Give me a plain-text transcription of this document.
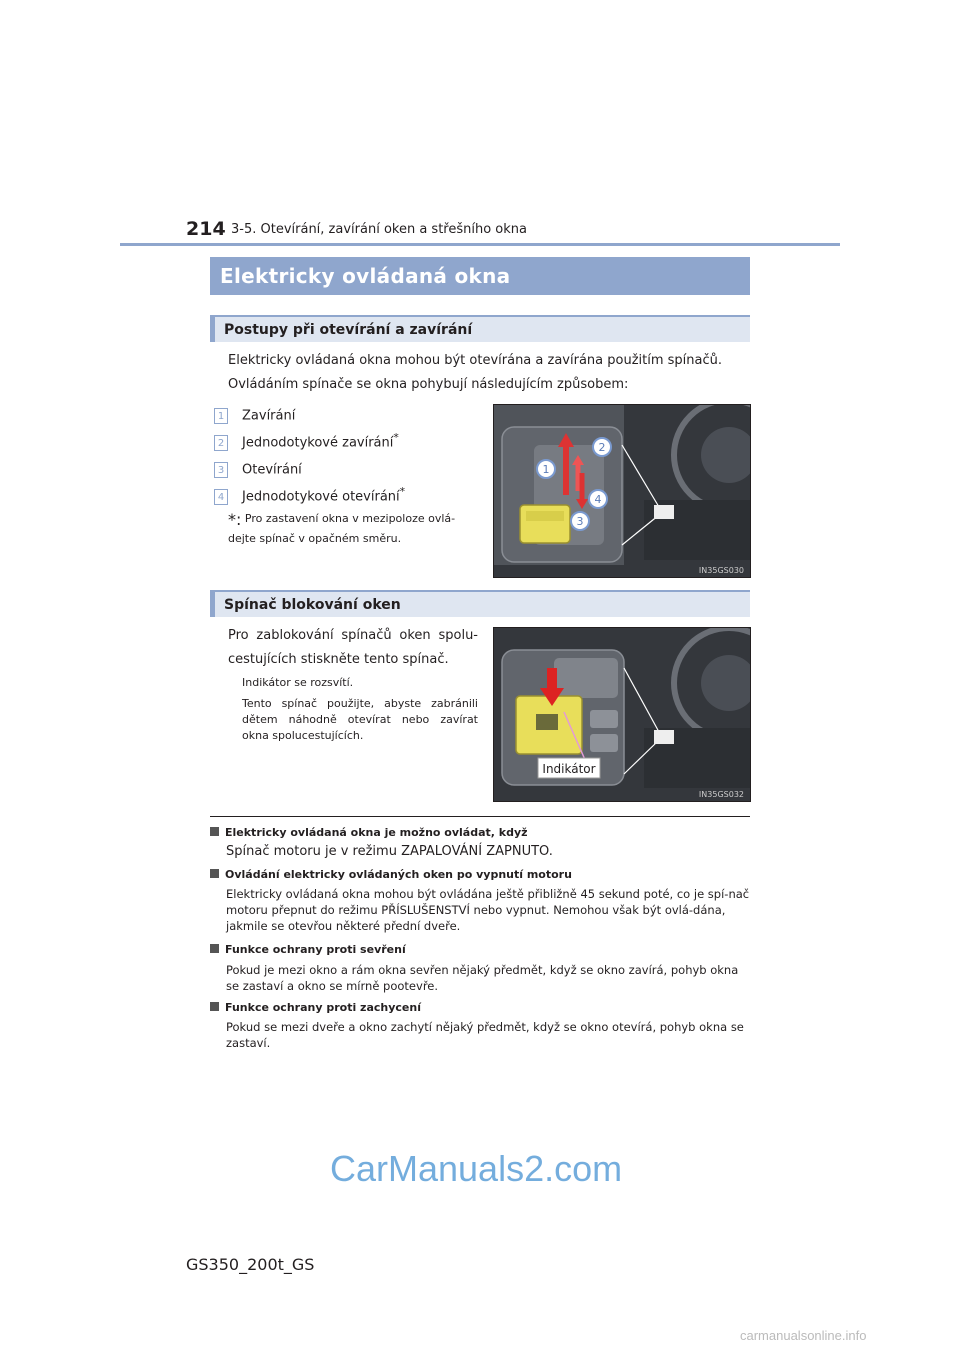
214 3-5. Otevírání, zavírání oken a střešního okna
Elektricky ovládaná okna
Postupy při otevírání a zavírání
Elektricky ovládaná okna mohou být otevírána a zavírána použitím spínačů.
Ovládáním spínače se okna pohybují následujícím způsobem:
1 Zavírání
2 Jednodotykové zavírání*
3 Otevírání
4 Jednodotykové otevírání*
*: Pro zastavení okna v mezipoloze ovlá-dejte spínač v opačném směru.
1
2
4
3
IN35GS030
Spínač blokování oken
Pro zablokování spínačů oken spolu-cestujících stiskněte tento spínač.
Indikátor se rozsvítí.
Tento spínač použijte, abyste zabránili dětem náhodně otevírat nebo zavírat okna spolucestujících.
Indikátor
IN35GS032
Elektricky ovládaná okna je možno ovládat, když
Spínač motoru je v režimu ZAPALOVÁNÍ ZAPNUTO.
Ovládání elektricky ovládaných oken po vypnutí motoru
Elektricky ovládaná okna mohou být ovládána ještě přibližně 45 sekund poté, co je spí-nač motoru přepnut do režimu PŘÍSLUŠENSTVÍ nebo vypnut. Nemohou však být ovlá-dána, jakmile se otevřou některé přední dveře.
Funkce ochrany proti sevření
Pokud je mezi okno a rám okna sevřen nějaký předmět, když se okno zavírá, pohyb okna se zastaví a okno se mírně pootevře.
Funkce ochrany proti zachycení
Pokud se mezi dveře a okno zachytí nějaký předmět, když se okno otevírá, pohyb okna se zastaví.
CarManuals2.com
GS350_200t_GS
carmanualsonline.info
